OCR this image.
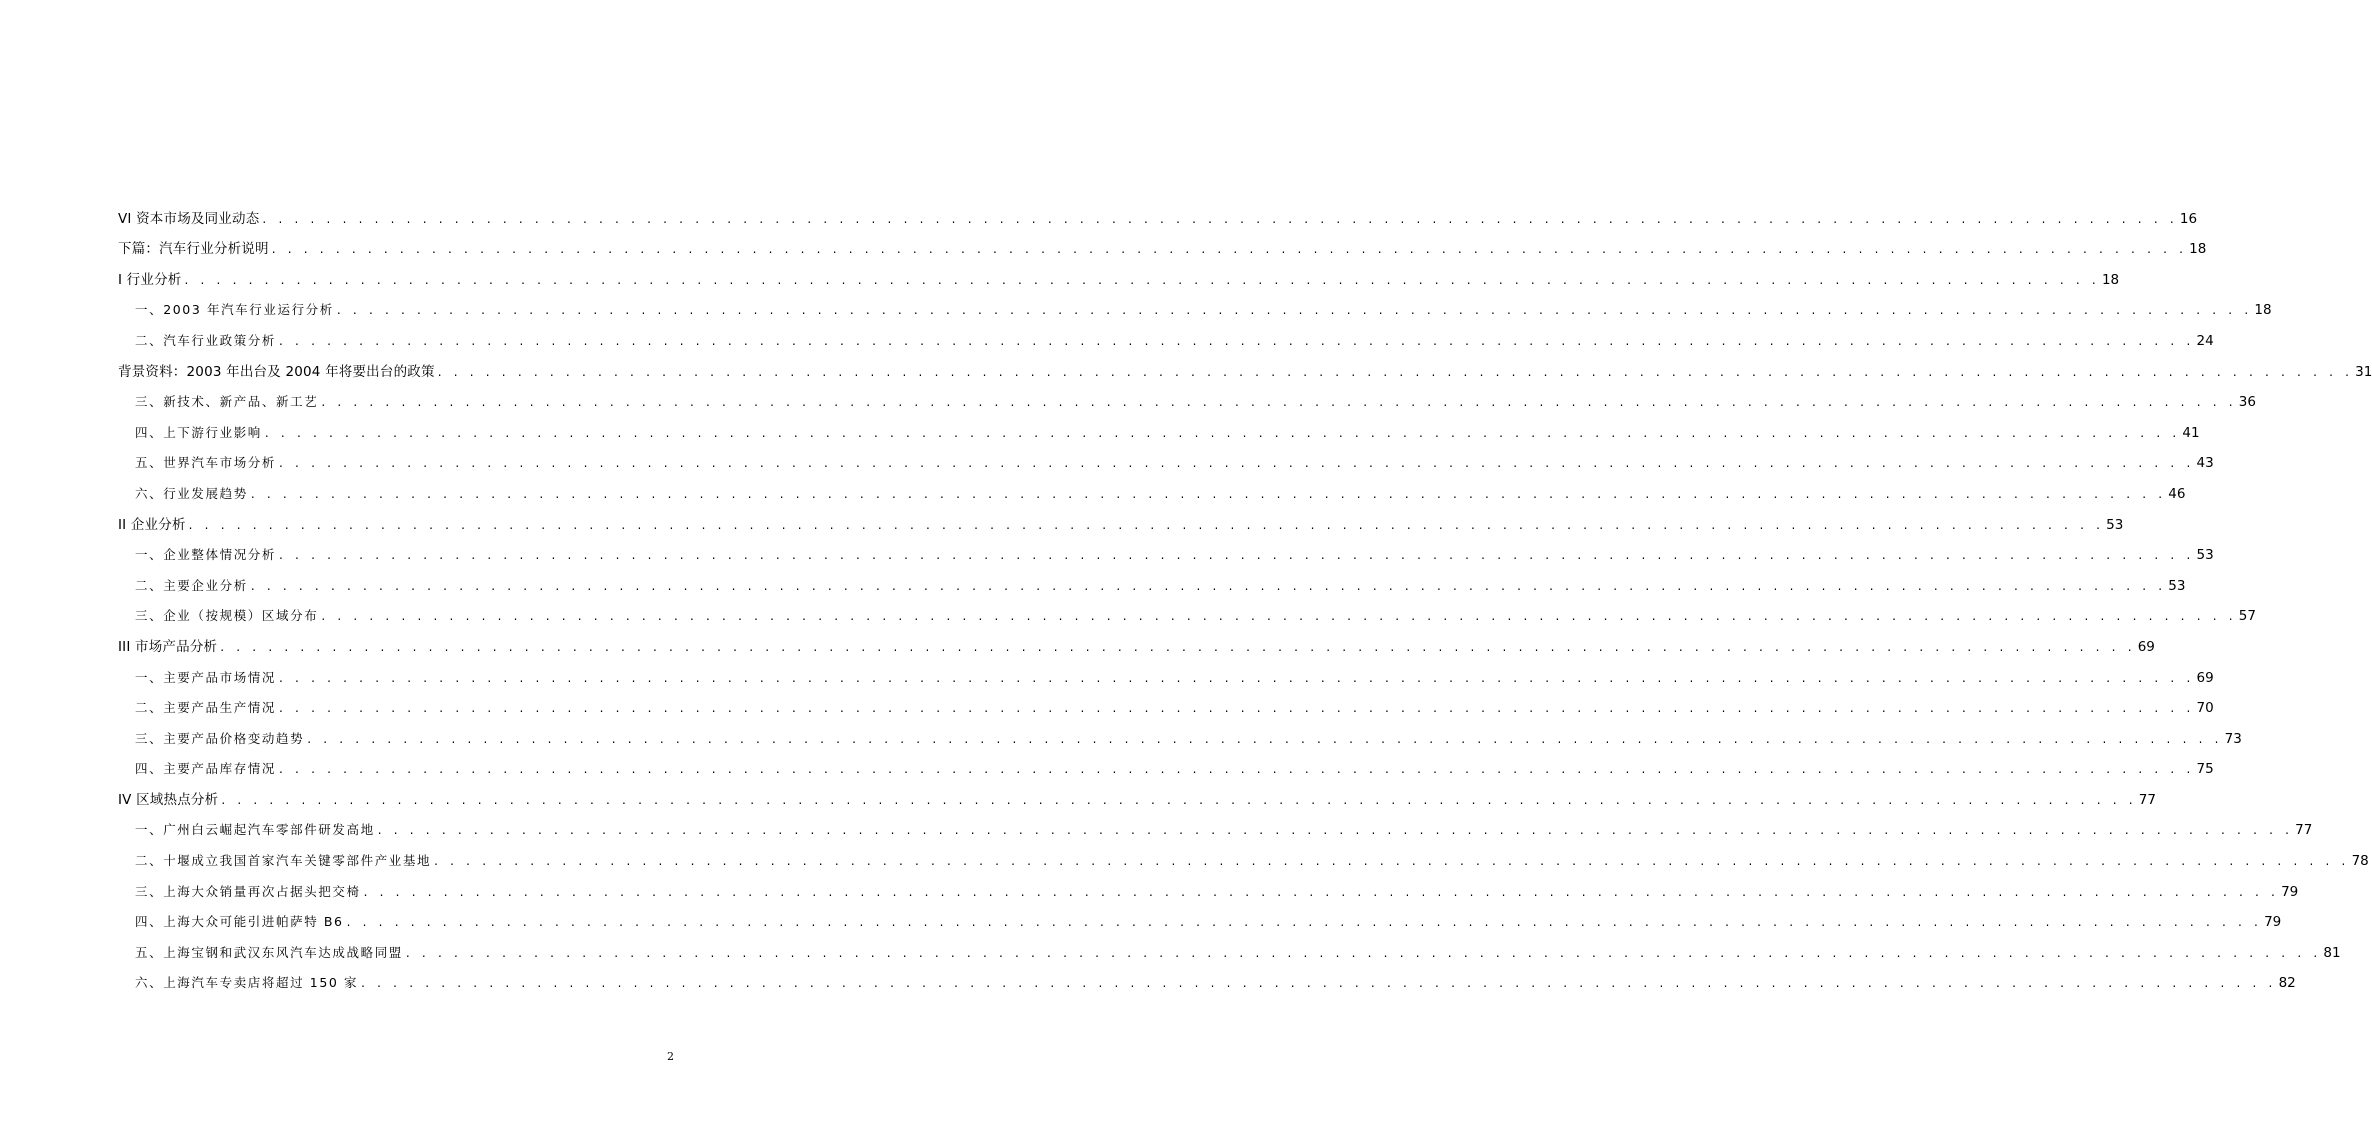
VI 资本市场及同业动态 . . . . . . . . . . . . . . . . . . . . . . . . . . . . . . . . . . . . . . . . . . . . . . . . . . . . . . . . . . . . . . . . . . . . . . . . . . . . . . . . . . . . . . . . . . . . . . . . . . . . . . . . . . . . . . . . . . . . . . . . 16
下篇：汽车行业分析说明 . . . . . . . . . . . . . . . . . . . . . . . . . . . . . . . . . . . . . . . . . . . . . . . . . . . . . . . . . . . . . . . . . . . . . . . . . . . . . . . . . . . . . . . . . . . . . . . . . . . . . . . . . . . . . . . . . . . . . . . . 18
I 行业分析 . . . . . . . . . . . . . . . . . . . . . . . . . . . . . . . . . . . . . . . . . . . . . . . . . . . . . . . . . . . . . . . . . . . . . . . . . . . . . . . . . . . . . . . . . . . . . . . . . . . . . . . . . . . . . . . . . . . . . . . . 18
一、2003 年汽车行业运行分析 . . . . . . . . . . . . . . . . . . . . . . . . . . . . . . . . . . . . . . . . . . . . . . . . . . . . . . . . . . . . . . . . . . . . . . . . . . . . . . . . . . . . . . . . . . . . . . . . . . . . . . . . . . . . . . . . . . . . . . . . 18
二、汽车行业政策分析 . . . . . . . . . . . . . . . . . . . . . . . . . . . . . . . . . . . . . . . . . . . . . . . . . . . . . . . . . . . . . . . . . . . . . . . . . . . . . . . . . . . . . . . . . . . . . . . . . . . . . . . . . . . . . . . . . . . . . . . . 24
背景资料：2003 年出台及 2004 年将要出台的政策 . . . . . . . . . . . . . . . . . . . . . . . . . . . . . . . . . . . . . . . . . . . . . . . . . . . . . . . . . . . . . . . . . . . . . . . . . . . . . . . . . . . . . . . . . . . . . . . . . . . . . . . . . . . . . . . . . . . . . . . . 31
三、新技术、新产品、新工艺 . . . . . . . . . . . . . . . . . . . . . . . . . . . . . . . . . . . . . . . . . . . . . . . . . . . . . . . . . . . . . . . . . . . . . . . . . . . . . . . . . . . . . . . . . . . . . . . . . . . . . . . . . . . . . . . . . . . . . . . . 36
四、上下游行业影响 . . . . . . . . . . . . . . . . . . . . . . . . . . . . . . . . . . . . . . . . . . . . . . . . . . . . . . . . . . . . . . . . . . . . . . . . . . . . . . . . . . . . . . . . . . . . . . . . . . . . . . . . . . . . . . . . . . . . . . . . 41
五、世界汽车市场分析 . . . . . . . . . . . . . . . . . . . . . . . . . . . . . . . . . . . . . . . . . . . . . . . . . . . . . . . . . . . . . . . . . . . . . . . . . . . . . . . . . . . . . . . . . . . . . . . . . . . . . . . . . . . . . . . . . . . . . . . . 43
六、行业发展趋势 . . . . . . . . . . . . . . . . . . . . . . . . . . . . . . . . . . . . . . . . . . . . . . . . . . . . . . . . . . . . . . . . . . . . . . . . . . . . . . . . . . . . . . . . . . . . . . . . . . . . . . . . . . . . . . . . . . . . . . . . 46
II 企业分析 . . . . . . . . . . . . . . . . . . . . . . . . . . . . . . . . . . . . . . . . . . . . . . . . . . . . . . . . . . . . . . . . . . . . . . . . . . . . . . . . . . . . . . . . . . . . . . . . . . . . . . . . . . . . . . . . . . . . . . . . 53
一、企业整体情况分析 . . . . . . . . . . . . . . . . . . . . . . . . . . . . . . . . . . . . . . . . . . . . . . . . . . . . . . . . . . . . . . . . . . . . . . . . . . . . . . . . . . . . . . . . . . . . . . . . . . . . . . . . . . . . . . . . . . . . . . . . 53
二、主要企业分析 . . . . . . . . . . . . . . . . . . . . . . . . . . . . . . . . . . . . . . . . . . . . . . . . . . . . . . . . . . . . . . . . . . . . . . . . . . . . . . . . . . . . . . . . . . . . . . . . . . . . . . . . . . . . . . . . . . . . . . . . 53
三、企业（按规模）区域分布 . . . . . . . . . . . . . . . . . . . . . . . . . . . . . . . . . . . . . . . . . . . . . . . . . . . . . . . . . . . . . . . . . . . . . . . . . . . . . . . . . . . . . . . . . . . . . . . . . . . . . . . . . . . . . . . . . . . . . . . . 57
III 市场产品分析 . . . . . . . . . . . . . . . . . . . . . . . . . . . . . . . . . . . . . . . . . . . . . . . . . . . . . . . . . . . . . . . . . . . . . . . . . . . . . . . . . . . . . . . . . . . . . . . . . . . . . . . . . . . . . . . . . . . . . . . . 69
一、主要产品市场情况 . . . . . . . . . . . . . . . . . . . . . . . . . . . . . . . . . . . . . . . . . . . . . . . . . . . . . . . . . . . . . . . . . . . . . . . . . . . . . . . . . . . . . . . . . . . . . . . . . . . . . . . . . . . . . . . . . . . . . . . . 69
二、主要产品生产情况 . . . . . . . . . . . . . . . . . . . . . . . . . . . . . . . . . . . . . . . . . . . . . . . . . . . . . . . . . . . . . . . . . . . . . . . . . . . . . . . . . . . . . . . . . . . . . . . . . . . . . . . . . . . . . . . . . . . . . . . . 70
三、主要产品价格变动趋势 . . . . . . . . . . . . . . . . . . . . . . . . . . . . . . . . . . . . . . . . . . . . . . . . . . . . . . . . . . . . . . . . . . . . . . . . . . . . . . . . . . . . . . . . . . . . . . . . . . . . . . . . . . . . . . . . . . . . . . . . 73
四、主要产品库存情况 . . . . . . . . . . . . . . . . . . . . . . . . . . . . . . . . . . . . . . . . . . . . . . . . . . . . . . . . . . . . . . . . . . . . . . . . . . . . . . . . . . . . . . . . . . . . . . . . . . . . . . . . . . . . . . . . . . . . . . . . 75
IV 区域热点分析 . . . . . . . . . . . . . . . . . . . . . . . . . . . . . . . . . . . . . . . . . . . . . . . . . . . . . . . . . . . . . . . . . . . . . . . . . . . . . . . . . . . . . . . . . . . . . . . . . . . . . . . . . . . . . . . . . . . . . . . . 77
一、广州白云崛起汽车零部件研发高地 . . . . . . . . . . . . . . . . . . . . . . . . . . . . . . . . . . . . . . . . . . . . . . . . . . . . . . . . . . . . . . . . . . . . . . . . . . . . . . . . . . . . . . . . . . . . . . . . . . . . . . . . . . . . . . . . . . . . . . . . 77
二、十堰成立我国首家汽车关键零部件产业基地 . . . . . . . . . . . . . . . . . . . . . . . . . . . . . . . . . . . . . . . . . . . . . . . . . . . . . . . . . . . . . . . . . . . . . . . . . . . . . . . . . . . . . . . . . . . . . . . . . . . . . . . . . . . . . . . . . . . . . . . . 78
三、上海大众销量再次占据头把交椅 . . . . . . . . . . . . . . . . . . . . . . . . . . . . . . . . . . . . . . . . . . . . . . . . . . . . . . . . . . . . . . . . . . . . . . . . . . . . . . . . . . . . . . . . . . . . . . . . . . . . . . . . . . . . . . . . . . . . . . . . 79
四、上海大众可能引进帕萨特 B6 . . . . . . . . . . . . . . . . . . . . . . . . . . . . . . . . . . . . . . . . . . . . . . . . . . . . . . . . . . . . . . . . . . . . . . . . . . . . . . . . . . . . . . . . . . . . . . . . . . . . . . . . . . . . . . . . . . . . . . . . 79
五、上海宝钢和武汉东风汽车达成战略同盟 . . . . . . . . . . . . . . . . . . . . . . . . . . . . . . . . . . . . . . . . . . . . . . . . . . . . . . . . . . . . . . . . . . . . . . . . . . . . . . . . . . . . . . . . . . . . . . . . . . . . . . . . . . . . . . . . . . . . . . . . 81
六、上海汽车专卖店将超过 150 家 . . . . . . . . . . . . . . . . . . . . . . . . . . . . . . . . . . . . . . . . . . . . . . . . . . . . . . . . . . . . . . . . . . . . . . . . . . . . . . . . . . . . . . . . . . . . . . . . . . . . . . . . . . . . . . . . . . . . . . . . 82
2
